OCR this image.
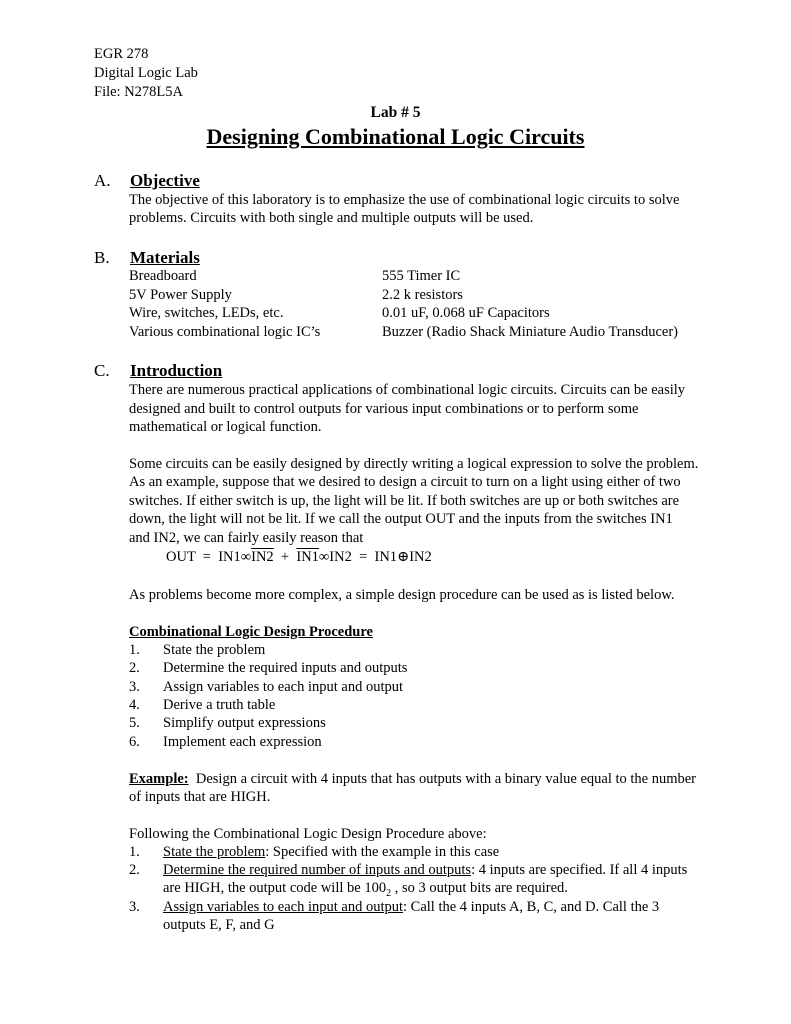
EGR 278
Digital Logic Lab
File: N278L5A
Lab # 5
Designing Combinational Logic Circuits
A. Objective
The objective of this laboratory is to emphasize the use of combinational logic circuits to solve
problems. Circuits with both single and multiple outputs will be used.
B. Materials
Breadboard
5V Power Supply
Wire, switches, LEDs, etc.
Various combinational logic IC’s
555 Timer IC
2.2 k resistors
0.01 uF, 0.068 uF Capacitors
Buzzer (Radio Shack Miniature Audio Transducer)
C. Introduction
There are numerous practical applications of combinational logic circuits. Circuits can be easily
designed and built to control outputs for various input combinations or to perform some
mathematical or logical function.
Some circuits can be easily designed by directly writing a logical expression to solve the problem.
As an example, suppose that we desired to design a circuit to turn on a light using either of two
switches. If either switch is up, the light will be lit. If both switches are up or both switches are
down, the light will not be lit. If we call the output OUT and the inputs from the switches IN1
and IN2, we can fairly easily reason that
OUT  =  IN1∞IN2  +  IN1∞IN2  =  IN1⊕IN2
As problems become more complex, a simple design procedure can be used as is listed below.
Combinational Logic Design Procedure
1. State the problem
2. Determine the required inputs and outputs
3. Assign variables to each input and output
4. Derive a truth table
5. Simplify output expressions
6. Implement each expression
Example:  Design a circuit with 4 inputs that has outputs with a binary value equal to the number
of inputs that are HIGH.
Following the Combinational Logic Design Procedure above:
1. State the problem: Specified with the example in this case
2. Determine the required number of inputs and outputs: 4 inputs are specified. If all 4 inputs
are HIGH, the output code will be $100_2$ , so 3 output bits are required.
3. Assign variables to each input and output: Call the 4 inputs A, B, C, and D. Call the 3
outputs E, F, and G
